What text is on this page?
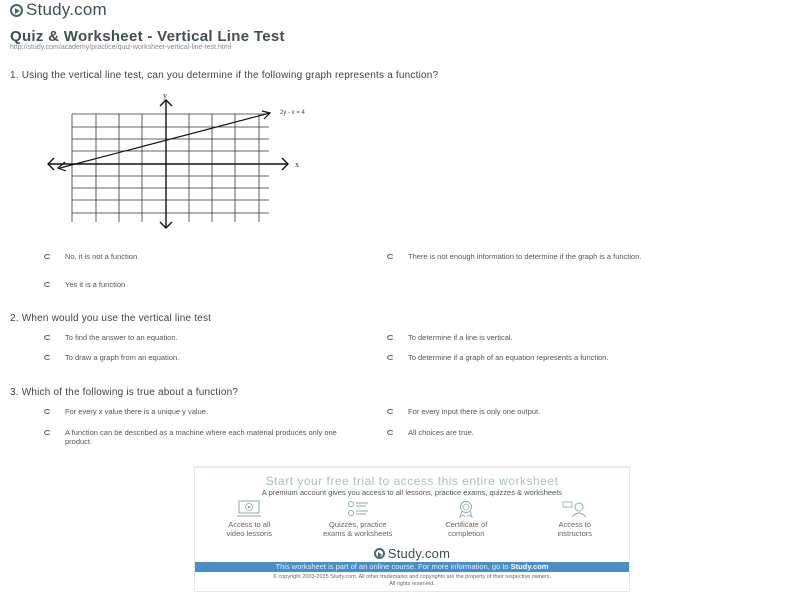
Study.com
Quiz & Worksheet - Vertical Line Test
http://study.com/academy/practice/quiz-worksheet-vertical-line-test.html
1. Using the vertical line test, can you determine if the following graph represents a function?
y
x
2y - x = 4
No, it is not a function	There is not enough information to determine if the graph is a function.
Yes it is a function
2. When would you use the vertical line test
To find the answer to an equation.	To determine if a line is vertical.
To draw a graph from an equation.	To determine if a graph of an equation represents a function.
3. Which of the following is true about a function?
For every x value there is a unique y value.	For every input there is only one output.
A function can be described as a machine where each material produces only one product.
All choices are true.
Start your free trial to access this entire worksheet
A premium account gives you access to all lessons, practice exams, quizzes & worksheets
Access to all
video lessons
Quizzes, practice
exams & worksheets
Certificate of
completion
Access to
instructors
Study.com
This worksheet is part of an online course. For more information, go to Study.com
© copyright 2003-2015 Study.com. All other trademarks and copyrights are the property of their respective owners.
All rights reserved.
